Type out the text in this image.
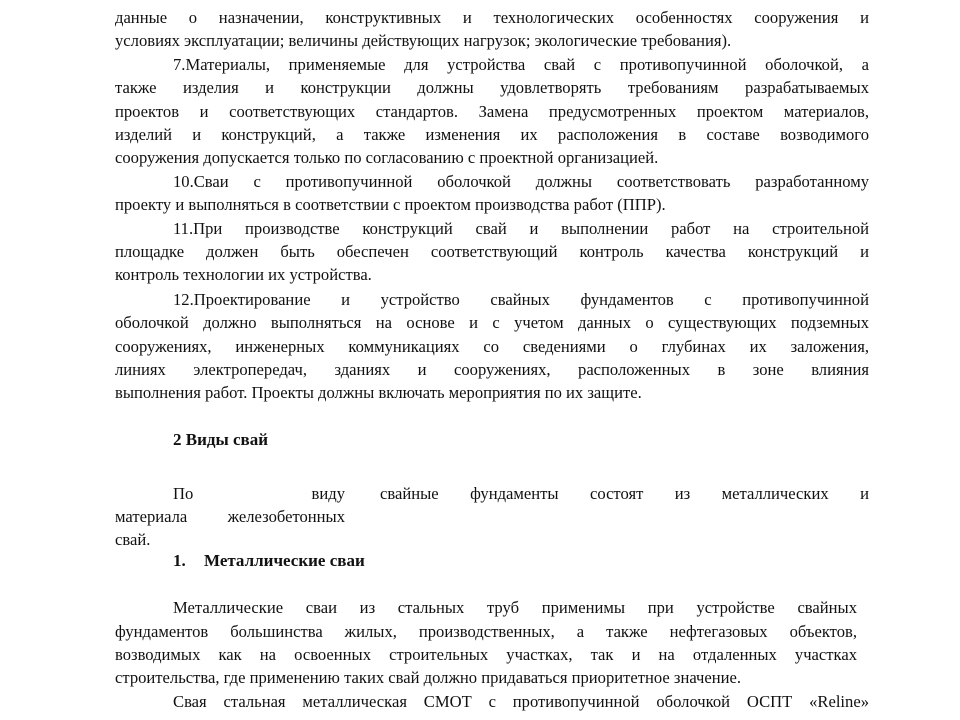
данные о назначении, конструктивных и технологических особенностях сооружения и
условиях эксплуатации; величины действующих нагрузок; экологические требования).
7.Материалы, применяемые для устройства свай с противопучинной оболочкой, а
также изделия и конструкции должны удовлетворять требованиям разрабатываемых
проектов и соответствующих стандартов. Замена предусмотренных проектом материалов,
изделий и конструкций, а также изменения их расположения в составе возводимого
сооружения допускается только по согласованию с проектной организацией.
10.Сваи с противопучинной оболочкой должны соответствовать разработанному
проекту и выполняться в соответствии с проектом производства работ (ППР).
11.При производстве конструкций свай и выполнении работ на строительной
площадке должен быть обеспечен соответствующий контроль качества конструкций и
контроль технологии их устройства.
12.Проектирование и устройство свайных фундаментов с противопучинной
оболочкой должно выполняться на основе и с учетом данных о существующих подземных
сооружениях, инженерных коммуникациях со сведениями о глубинах их заложения,
линиях электропередач, зданиях и сооружениях, расположенных в зоне влияния
выполнения работ. Проекты должны включать мероприятия по их защите.
2 Виды свай
По виду
материала железобетонных
свай.
свайные фундаменты состоят из металлических и
1. Металлические сваи
Металлические сваи из стальных труб применимы при устройстве свайных
фундаментов большинства жилых, производственных, а также нефтегазовых объектов,
возводимых как на освоенных строительных участках, так и на отдаленных участках
строительства, где применению таких свай должно придаваться приоритетное значение.
Свая стальная металлическая СМОТ с противопучинной оболочкой ОСПТ «Reline»
